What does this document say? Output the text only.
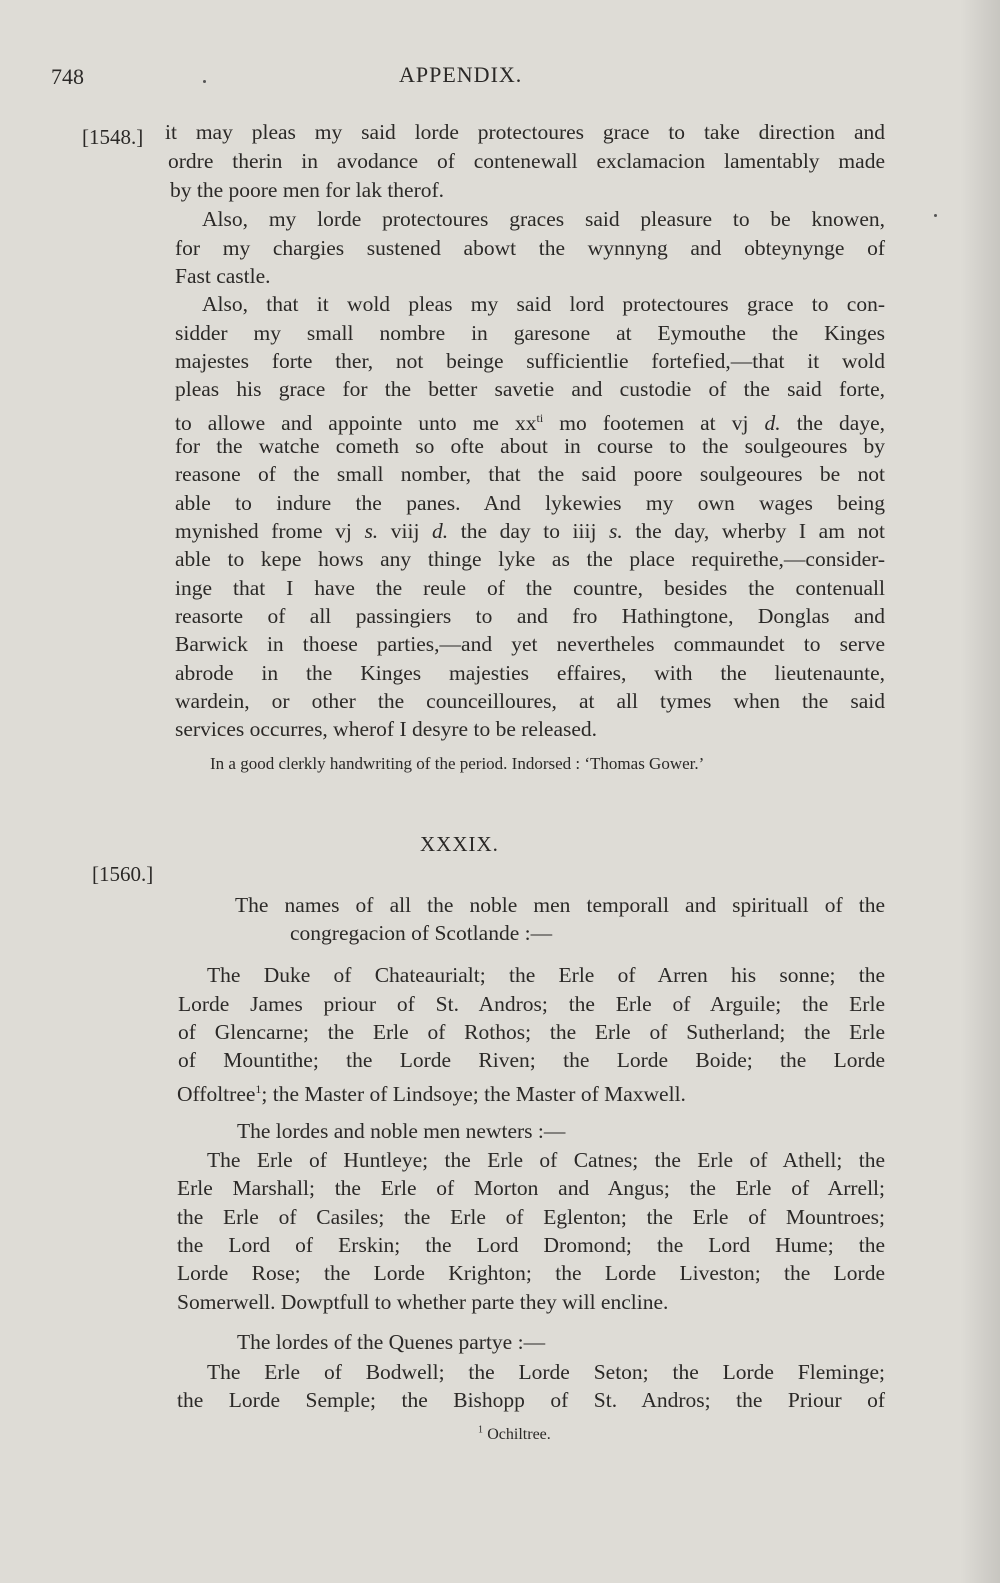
748	APPENDIX.
[1548.] it may pleas my said lorde protectoures grace to take direction and
ordre therin in avodance of contenewall exclamacion lamentably made
by the poore men for lak therof.
Also, my lorde protectoures graces said pleasure to be knowen,
for my chargies sustened abowt the wynnyng and obteynynge of
Fast castle.
Also, that it wold pleas my said lord protectoures grace to con-
sidder my small nombre in garesone at Eymouthe the Kinges
majestes forte ther, not beinge sufficientlie fortefied,—that it wold
pleas his grace for the better savetie and custodie of the said forte,
to allowe and appointe unto me $xx^{ti}$ mo footemen at vj d. the daye,
for the watche cometh so ofte about in course to the soulgeoures by
reasone of the small nomber, that the said poore soulgeoures be not
able to indure the panes. And lykewies my own wages being
mynished frome vj s. viij d. the day to iiij s. the day, wherby I am not
able to kepe hows any thinge lyke as the place requirethe,—consider-
inge that I have the reule of the countre, besides the contenuall
reasorte of all passingiers to and fro Hathingtone, Donglas and
Barwick in thoese parties,—and yet nevertheles commaundet to serve
abrode in the Kinges majesties effaires, with the lieutenaunte,
wardein, or other the counceilloures, at all tymes when the said
services occurres, wherof I desyre to be released.
In a good clerkly handwriting of the period. Indorsed : ‘Thomas Gower.’
XXXIX.
[1560.]
The names of all the noble men temporall and spirituall of the
congregacion of Scotlande :—
The Duke of Chateaurialt; the Erle of Arren his sonne; the
Lorde James priour of St. Andros; the Erle of Arguile; the Erle
of Glencarne; the Erle of Rothos; the Erle of Sutherland; the Erle
of Mountithe; the Lorde Riven; the Lorde Boide; the Lorde
Offoltree$^1$; the Master of Lindsoye; the Master of Maxwell.
The lordes and noble men newters :—
The Erle of Huntleye; the Erle of Catnes; the Erle of Athell; the
Erle Marshall; the Erle of Morton and Angus; the Erle of Arrell;
the Erle of Casiles; the Erle of Eglenton; the Erle of Mountroes;
the Lord of Erskin; the Lord Dromond; the Lord Hume; the
Lorde Rose; the Lorde Krighton; the Lorde Liveston; the Lorde
Somerwell. Dowptfull to whether parte they will encline.
The lordes of the Quenes partye :—
The Erle of Bodwell; the Lorde Seton; the Lorde Fleminge;
the Lorde Semple; the Bishopp of St. Andros; the Priour of
$^1$ Ochiltree.
